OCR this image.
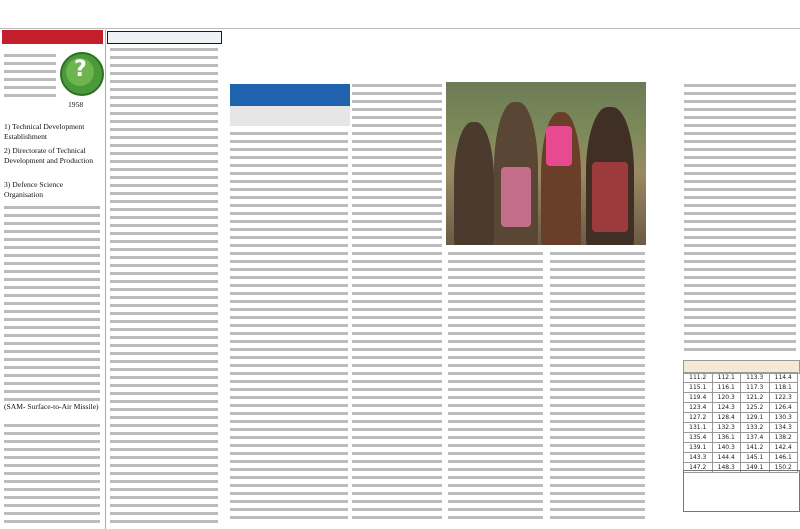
?
1958
1) Technical Development Establishment
2) Directorate of Technical Development and Production
3) Defence Science Organisation
(SAM- Surface-to-Air Missile)
111.2	112.1	113.3	114.4
115.1	116.1	117.3	118.1
119.4	120.3	121.2	122.3
123.4	124.3	125.2	126.4
127.2	128.4	129.1	130.3
131.1	132.3	133.2	134.3
135.4	136.1	137.4	138.2
139.1	140.3	141.2	142.4
143.3	144.4	145.1	146.1
147.2	148.3	149.1	150.2
